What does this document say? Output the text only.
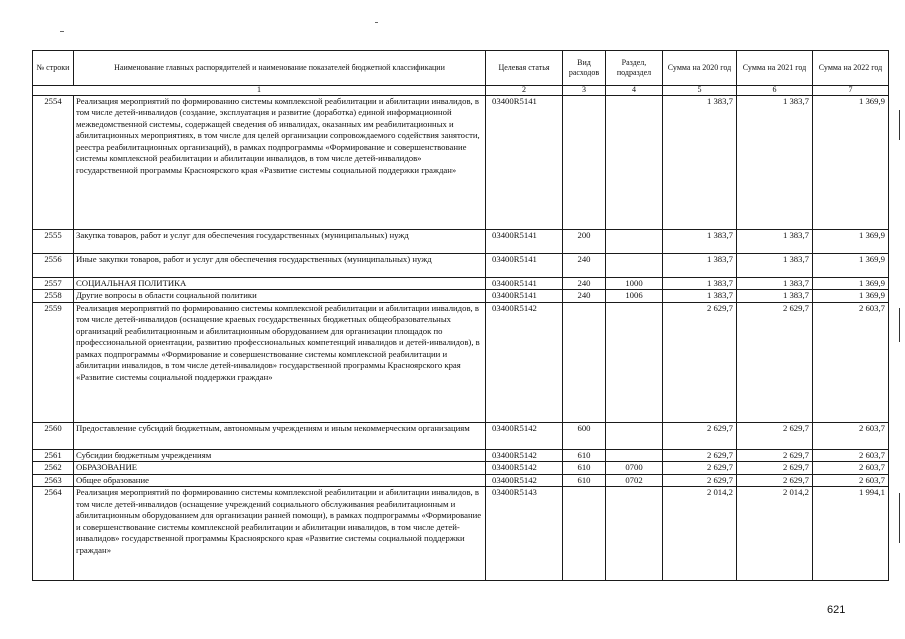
№ строки	Наименование главных распорядителей и наименование показателей бюджетной классификации	Целевая статья	Вид расходов	Раздел, подраздел	Сумма на 2020 год	Сумма на 2021 год	Сумма на 2022 год
1		2	3	4	5	6	7
2554	Реализация мероприятий по формированию системы комплексной реабилитации и абилитации инвалидов, в том числе детей-инвалидов (создание, эксплуатация и развитие (доработка) единой информационной межведомственной системы, содержащей сведения об инвалидах, оказанных им реабилитационных и абилитационных мероприятиях, в том числе для целей организации сопровождаемого содействия занятости, реестра реабилитационных организаций), в рамках подпрограммы «Формирование и совершенствование системы комплексной реабилитации и абилитации инвалидов, в том числе детей-инвалидов» государственной программы Красноярского края «Развитие системы социальной поддержки граждан»	03400R5141			1 383,7	1 383,7	1 369,9
2555	Закупка товаров, работ и услуг для обеспечения государственных (муниципальных) нужд	03400R5141	200		1 383,7	1 383,7	1 369,9
2556	Иные закупки товаров, работ и услуг для обеспечения государственных (муниципальных) нужд	03400R5141	240		1 383,7	1 383,7	1 369,9
2557	СОЦИАЛЬНАЯ ПОЛИТИКА	03400R5141	240	1000	1 383,7	1 383,7	1 369,9
2558	Другие вопросы в области социальной политики	03400R5141	240	1006	1 383,7	1 383,7	1 369,9
2559	Реализация мероприятий по формированию системы комплексной реабилитации и абилитации инвалидов, в том числе детей-инвалидов (оснащение краевых государственных бюджетных общеобразовательных организаций реабилитационным и абилитационным оборудованием для организации площадок по профессиональной ориентации, развитию профессиональных компетенций инвалидов и детей-инвалидов), в рамках подпрограммы «Формирование и совершенствование системы комплексной реабилитации и абилитации инвалидов, в том числе детей-инвалидов» государственной программы Красноярского края «Развитие системы социальной поддержки граждан»	03400R5142			2 629,7	2 629,7	2 603,7
2560	Предоставление субсидий бюджетным, автономным учреждениям и иным некоммерческим организациям	03400R5142	600		2 629,7	2 629,7	2 603,7
2561	Субсидии бюджетным учреждениям	03400R5142	610		2 629,7	2 629,7	2 603,7
2562	ОБРАЗОВАНИЕ	03400R5142	610	0700	2 629,7	2 629,7	2 603,7
2563	Общее образование	03400R5142	610	0702	2 629,7	2 629,7	2 603,7
2564	Реализация мероприятий по формированию системы комплексной реабилитации и абилитации инвалидов, в том числе детей-инвалидов (оснащение учреждений социального обслуживания реабилитационным и абилитационным оборудованием для организации ранней помощи), в рамках подпрограммы «Формирование и совершенствование системы комплексной реабилитации и абилитации инвалидов, в том числе детей-инвалидов» государственной программы Красноярского края «Развитие системы социальной поддержки граждан»	03400R5143			2 014,2	2 014,2	1 994,1
621
